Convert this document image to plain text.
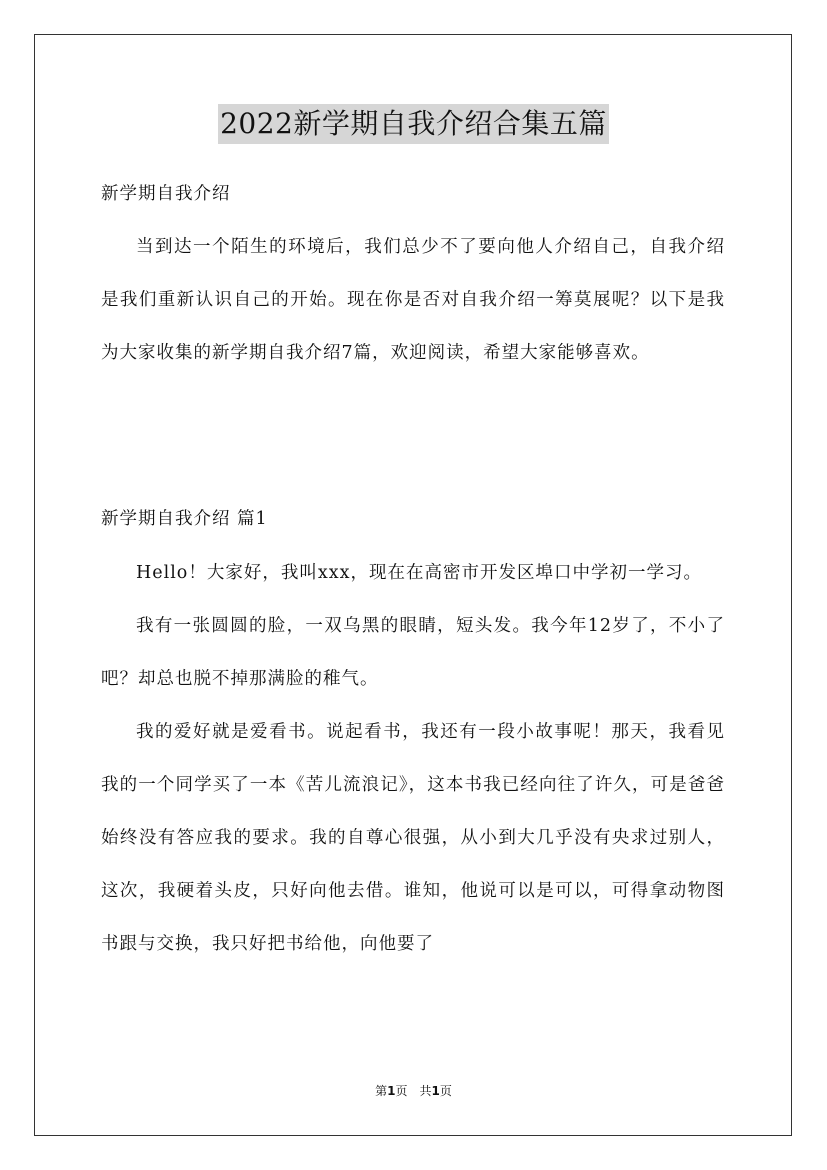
2022新学期自我介绍合集五篇
新学期自我介绍
当到达一个陌生的环境后，我们总少不了要向他人介绍自己，自我介绍是我们重新认识自己的开始。现在你是否对自我介绍一筹莫展呢？以下是我为大家收集的新学期自我介绍7篇，欢迎阅读，希望大家能够喜欢。
新学期自我介绍 篇1
Hello！大家好，我叫xxx，现在在高密市开发区埠口中学初一学习。
我有一张圆圆的脸，一双乌黑的眼睛，短头发。我今年12岁了，不小了吧？却总也脱不掉那满脸的稚气。
我的爱好就是爱看书。说起看书，我还有一段小故事呢！那天，我看见我的一个同学买了一本《苦儿流浪记》，这本书我已经向往了许久，可是爸爸始终没有答应我的要求。我的自尊心很强，从小到大几乎没有央求过别人，这次，我硬着头皮，只好向他去借。谁知，他说可以是可以，可得拿动物图书跟与交换，我只好把书给他，向他要了
第1页　共1页
